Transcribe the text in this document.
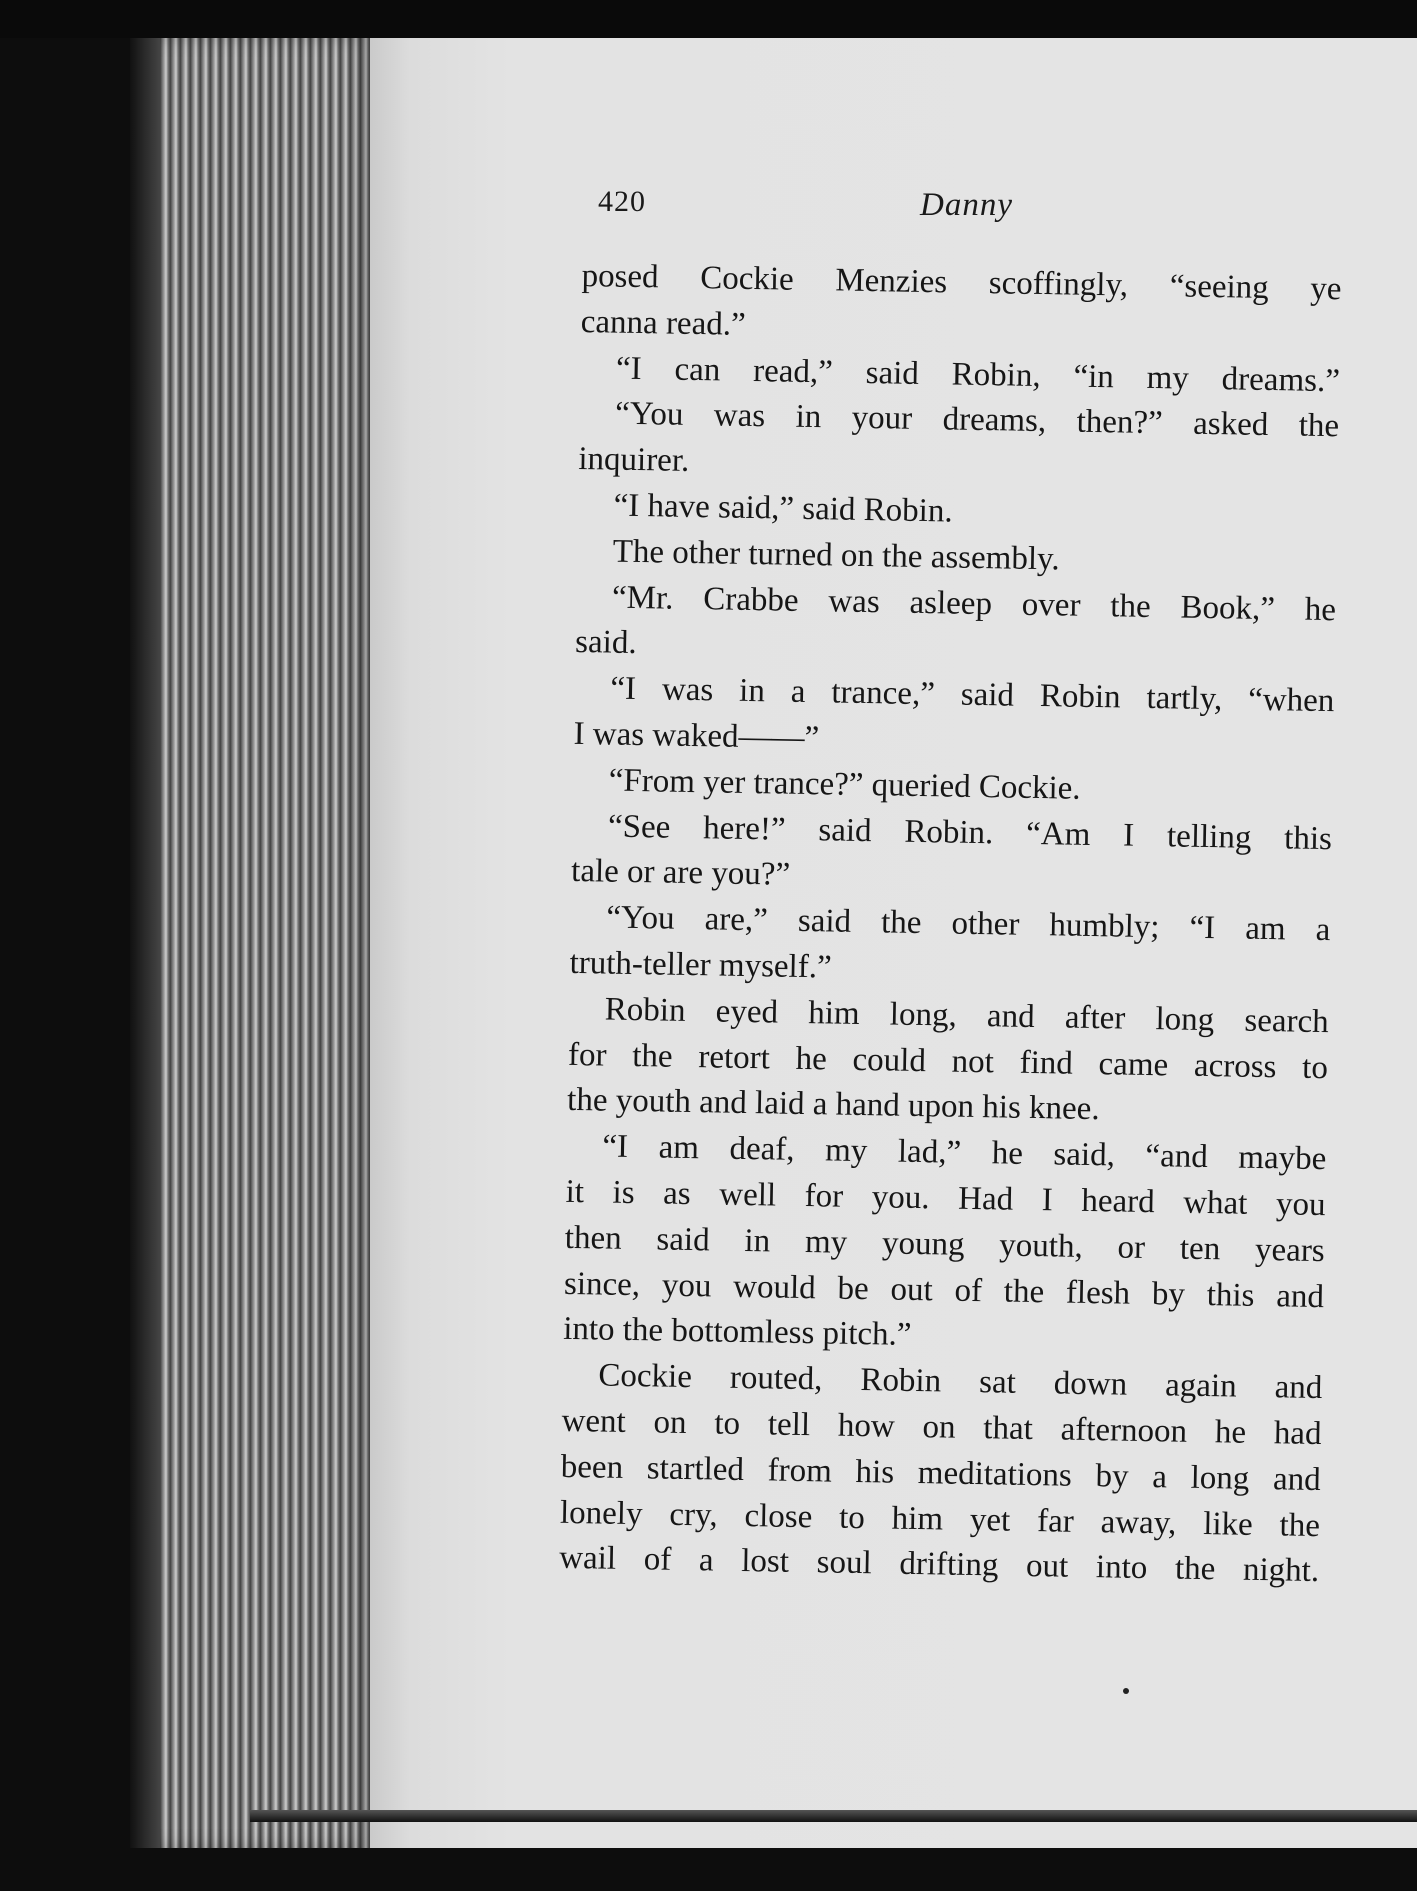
420	Danny
posed Cockie Menzies scoffingly, “seeing ye
canna read.”
“I can read,” said Robin, “in my dreams.”
“You was in your dreams, then?” asked the
inquirer.
“I have said,” said Robin.
The other turned on the assembly.
“Mr. Crabbe was asleep over the Book,” he
said.
“I was in a trance,” said Robin tartly, “when
I was waked——”
“From yer trance?” queried Cockie.
“See here!” said Robin. “Am I telling this
tale or are you?”
“You are,” said the other humbly; “I am a
truth-teller myself.”
Robin eyed him long, and after long search
for the retort he could not find came across to
the youth and laid a hand upon his knee.
“I am deaf, my lad,” he said, “and maybe
it is as well for you. Had I heard what you
then said in my young youth, or ten years
since, you would be out of the flesh by this and
into the bottomless pitch.”
Cockie routed, Robin sat down again and
went on to tell how on that afternoon he had
been startled from his meditations by a long and
lonely cry, close to him yet far away, like the
wail of a lost soul drifting out into the night.
